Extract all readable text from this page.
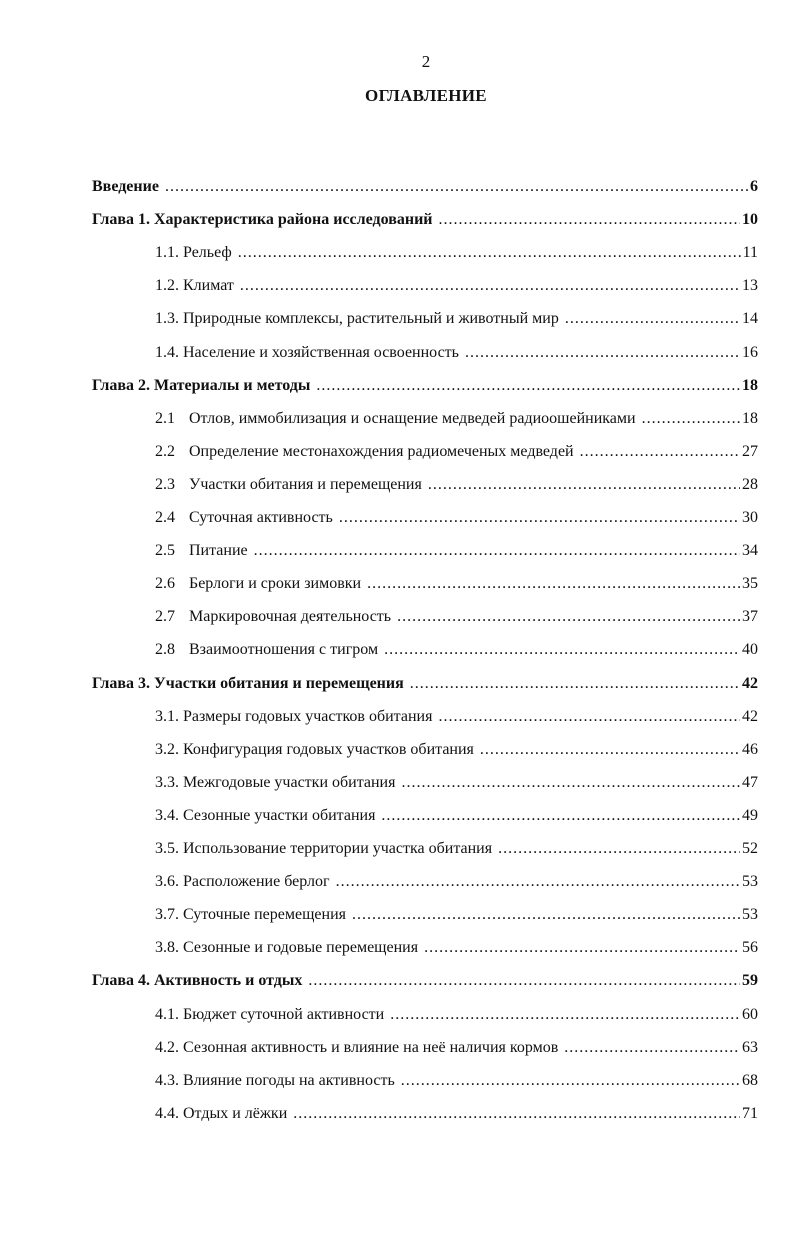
2
ОГЛАВЛЕНИЕ
Введение .....	6
Глава 1. Характеристика района исследований .....	10
1.1. Рельеф .....	11
1.2. Климат .....	13
1.3. Природные комплексы, растительный и животный мир .....	14
1.4. Население и хозяйственная освоенность .....	16
Глава 2. Материалы и методы .....	18
2.1 Отлов, иммобилизация и оснащение медведей радиоошейниками .....	18
2.2 Определение местонахождения радиомеченых медведей .....	27
2.3 Участки обитания и перемещения .....	28
2.4 Суточная активность .....	30
2.5 Питание .....	34
2.6 Берлоги и сроки зимовки .....	35
2.7 Маркировочная деятельность .....	37
2.8 Взаимоотношения с тигром .....	40
Глава 3. Участки обитания и перемещения .....	42
3.1. Размеры годовых участков обитания .....	42
3.2. Конфигурация годовых участков обитания .....	46
3.3. Межгодовые участки обитания .....	47
3.4. Сезонные участки обитания .....	49
3.5. Использование территории участка обитания .....	52
3.6. Расположение берлог .....	53
3.7. Суточные перемещения .....	53
3.8. Сезонные и годовые перемещения .....	56
Глава 4. Активность и отдых .....	59
4.1. Бюджет суточной активности .....	60
4.2. Сезонная активность и влияние на неё наличия кормов .....	63
4.3. Влияние погоды на активность .....	68
4.4. Отдых и лёжки .....	71
